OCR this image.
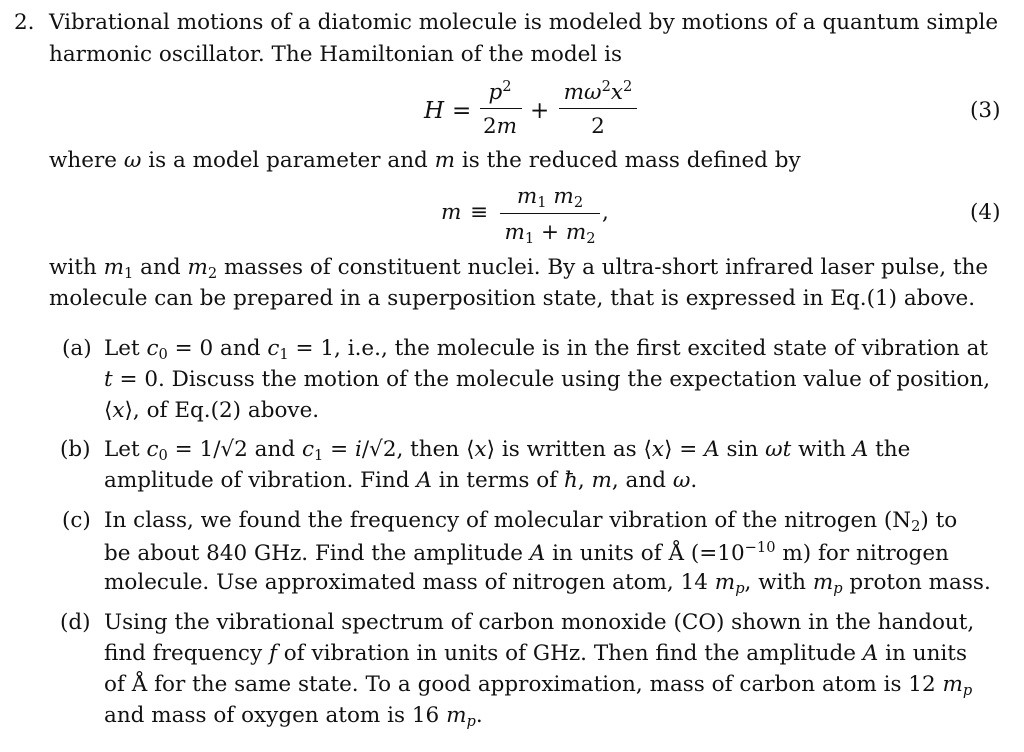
2. Vibrational motions of a diatomic molecule is modeled by motions of a quantum simple
harmonic oscillator. The Hamiltonian of the model is
H =
$p^2$
2m
+
$m\omega^2x^2$
2
(3)
where ω is a model parameter and m is the reduced mass defined by
m ≡
$m_1$ $m_2$
$m_1 + m_2$
,	(4)
with $m_1$ and $m_2$ masses of constituent nuclei. By a ultra-short infrared laser pulse, the
molecule can be prepared in a superposition state, that is expressed in Eq.(1) above.
(a) Let $c_0 = 0$ and $c_1 = 1$, i.e., the molecule is in the first excited state of vibration at
t = 0. Discuss the motion of the molecule using the expectation value of position,
⟨x⟩, of Eq.(2) above.
(b) Let $c_0 = 1/√2$ and $c_1 = i/√2$, then ⟨x⟩ is written as ⟨x⟩ = A sin ωt with A the
amplitude of vibration. Find A in terms of ħ, m, and ω.
(c) In class, we found the frequency of molecular vibration of the nitrogen $(N_2)$ to
be about 840 GHz. Find the amplitude A in units of Å ($=10^{-10}$ m) for nitrogen
molecule. Use approximated mass of nitrogen atom, 14 $m_p$, with $m_p$ proton mass.
(d) Using the vibrational spectrum of carbon monoxide (CO) shown in the handout,
find frequency f of vibration in units of GHz. Then find the amplitude A in units
of Å for the same state. To a good approximation, mass of carbon atom is 12 $m_p$
and mass of oxygen atom is 16 $m_p$.
